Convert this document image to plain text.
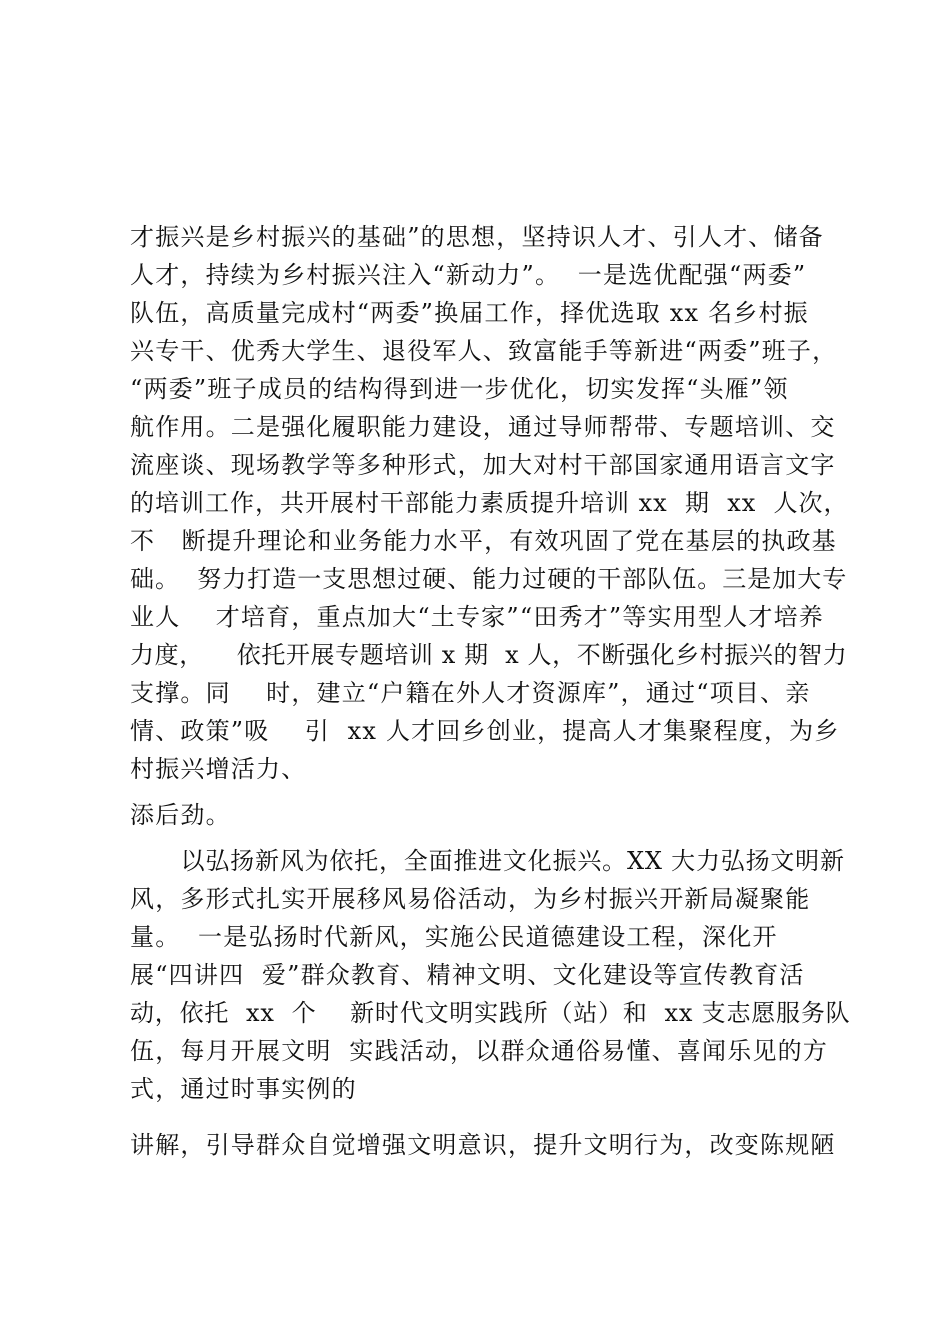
才振兴是乡村振兴的基础”的思想，坚持识人才、引人才、储备
人才，持续为乡村振兴注入“新动力”。  一是选优配强“两委”
队伍，高质量完成村“两委”换届工作，择优选取 xx 名乡村振
兴专干、优秀大学生、退役军人、致富能手等新进“两委”班子，
“两委”班子成员的结构得到进一步优化，切实发挥“头雁”领
航作用。二是强化履职能力建设，通过导师帮带、专题培训、交
流座谈、现场教学等多种形式，加大对村干部国家通用语言文字
的培训工作，共开展村干部能力素质提升培训 xx  期  xx  人次，
不   断提升理论和业务能力水平，有效巩固了党在基层的执政基
础。  努力打造一支思想过硬、能力过硬的干部队伍。三是加大专
业人    才培育，重点加大“土专家”“田秀才”等实用型人才培养
力度，    依托开展专题培训 x 期  x 人，不断强化乡村振兴的智力
支撑。同    时，建立“户籍在外人才资源库”，通过“项目、亲
情、政策”吸    引  xx 人才回乡创业，提高人才集聚程度，为乡
村振兴增活力、
添后劲。
以弘扬新风为依托，全面推进文化振兴。XX 大力弘扬文明新
风，多形式扎实开展移风易俗活动，为乡村振兴开新局凝聚能
量。  一是弘扬时代新风，实施公民道德建设工程，深化开
展“四讲四  爱”群众教育、精神文明、文化建设等宣传教育活
动，依托  xx  个    新时代文明实践所（站）和  xx 支志愿服务队
伍，每月开展文明  实践活动，以群众通俗易懂、喜闻乐见的方
式，通过时事实例的
讲解，引导群众自觉增强文明意识，提升文明行为，改变陈规陋
